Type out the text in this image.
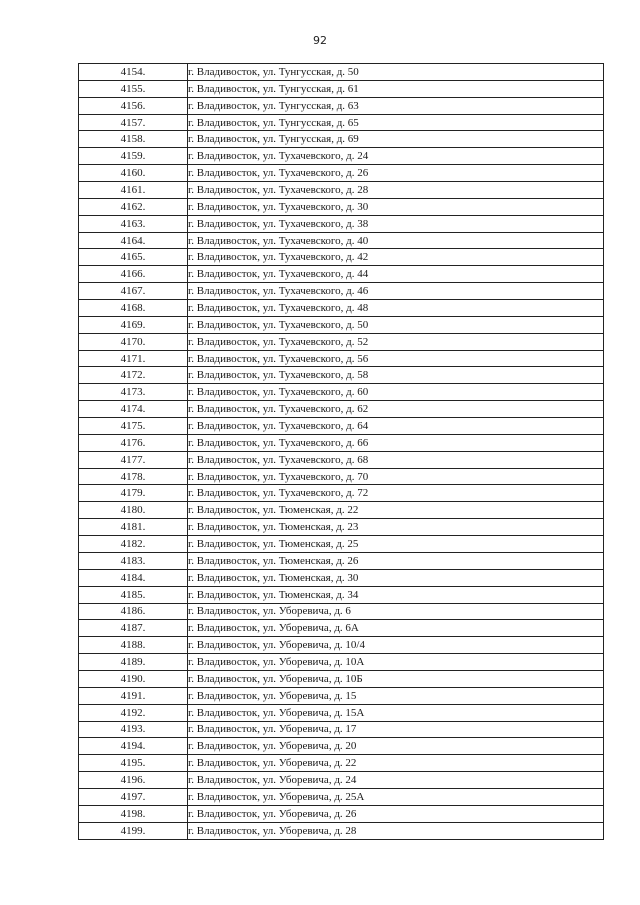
92
4154.	г. Владивосток, ул. Тунгусская, д. 50
4155.	г. Владивосток, ул. Тунгусская, д. 61
4156.	г. Владивосток, ул. Тунгусская, д. 63
4157.	г. Владивосток, ул. Тунгусская, д. 65
4158.	г. Владивосток, ул. Тунгусская, д. 69
4159.	г. Владивосток, ул. Тухачевского, д. 24
4160.	г. Владивосток, ул. Тухачевского, д. 26
4161.	г. Владивосток, ул. Тухачевского, д. 28
4162.	г. Владивосток, ул. Тухачевского, д. 30
4163.	г. Владивосток, ул. Тухачевского, д. 38
4164.	г. Владивосток, ул. Тухачевского, д. 40
4165.	г. Владивосток, ул. Тухачевского, д. 42
4166.	г. Владивосток, ул. Тухачевского, д. 44
4167.	г. Владивосток, ул. Тухачевского, д. 46
4168.	г. Владивосток, ул. Тухачевского, д. 48
4169.	г. Владивосток, ул. Тухачевского, д. 50
4170.	г. Владивосток, ул. Тухачевского, д. 52
4171.	г. Владивосток, ул. Тухачевского, д. 56
4172.	г. Владивосток, ул. Тухачевского, д. 58
4173.	г. Владивосток, ул. Тухачевского, д. 60
4174.	г. Владивосток, ул. Тухачевского, д. 62
4175.	г. Владивосток, ул. Тухачевского, д. 64
4176.	г. Владивосток, ул. Тухачевского, д. 66
4177.	г. Владивосток, ул. Тухачевского, д. 68
4178.	г. Владивосток, ул. Тухачевского, д. 70
4179.	г. Владивосток, ул. Тухачевского, д. 72
4180.	г. Владивосток, ул. Тюменская, д. 22
4181.	г. Владивосток, ул. Тюменская, д. 23
4182.	г. Владивосток, ул. Тюменская, д. 25
4183.	г. Владивосток, ул. Тюменская, д. 26
4184.	г. Владивосток, ул. Тюменская, д. 30
4185.	г. Владивосток, ул. Тюменская, д. 34
4186.	г. Владивосток, ул. Уборевича, д. 6
4187.	г. Владивосток, ул. Уборевича, д. 6А
4188.	г. Владивосток, ул. Уборевича, д. 10/4
4189.	г. Владивосток, ул. Уборевича, д. 10А
4190.	г. Владивосток, ул. Уборевича, д. 10Б
4191.	г. Владивосток, ул. Уборевича, д. 15
4192.	г. Владивосток, ул. Уборевича, д. 15А
4193.	г. Владивосток, ул. Уборевича, д. 17
4194.	г. Владивосток, ул. Уборевича, д. 20
4195.	г. Владивосток, ул. Уборевича, д. 22
4196.	г. Владивосток, ул. Уборевича, д. 24
4197.	г. Владивосток, ул. Уборевича, д. 25А
4198.	г. Владивосток, ул. Уборевича, д. 26
4199.	г. Владивосток, ул. Уборевича, д. 28
